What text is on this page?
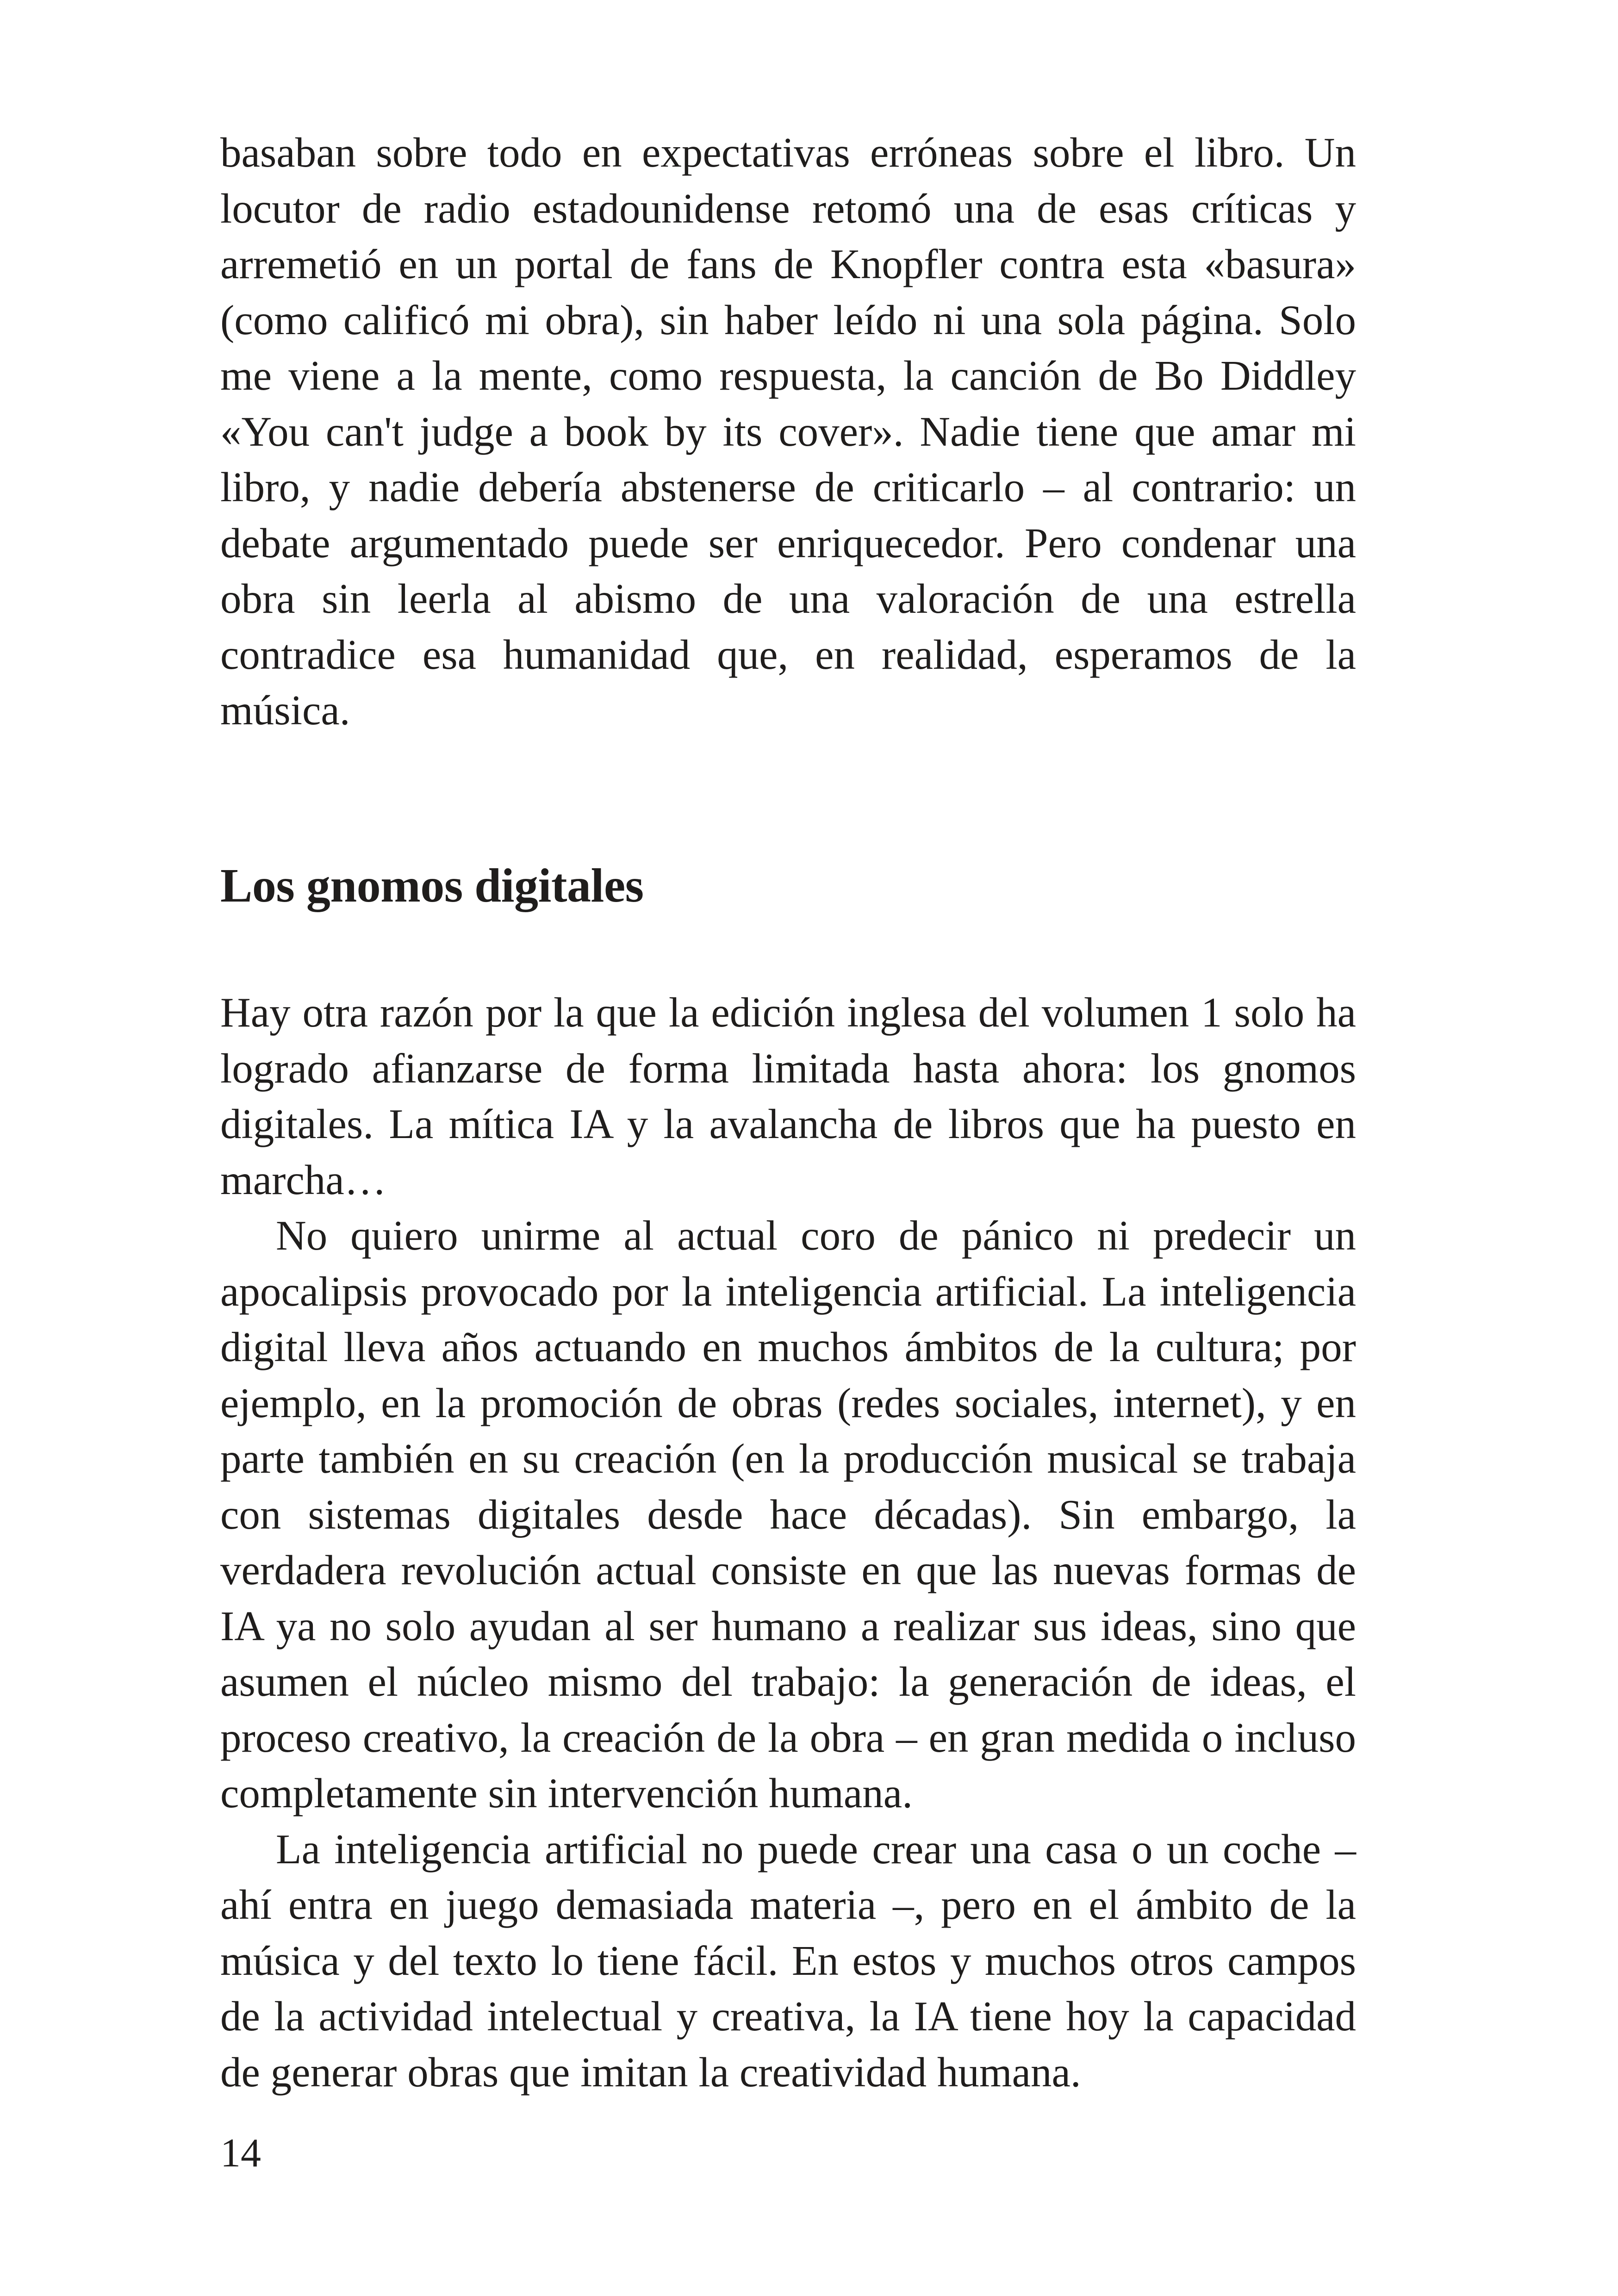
basaban sobre todo en expectativas erróneas sobre el libro. Un locutor de radio estadounidense retomó una de esas críticas y arremetió en un portal de fans de Knopfler contra esta «basura» (como calificó mi obra), sin haber leído ni una sola página. Solo me viene a la mente, como respuesta, la canción de Bo Diddley «You can't judge a book by its cover». Nadie tiene que amar mi libro, y nadie debería abstenerse de criticarlo – al contrario: un debate argumentado puede ser enriquecedor. Pero condenar una obra sin leerla al abismo de una valoración de una estrella contradice esa humanidad que, en realidad, esperamos de la música.

Los gnomos digitales

Hay otra razón por la que la edición inglesa del volumen 1 solo ha logrado afianzarse de forma limitada hasta ahora: los gnomos digitales. La mítica IA y la avalancha de libros que ha puesto en marcha…

No quiero unirme al actual coro de pánico ni predecir un apocalipsis provocado por la inteligencia artificial. La inteligencia digital lleva años actuando en muchos ámbitos de la cultura; por ejemplo, en la promoción de obras (redes sociales, internet), y en parte también en su creación (en la producción musical se trabaja con sistemas digitales desde hace décadas). Sin embargo, la verdadera revolución actual consiste en que las nuevas formas de IA ya no solo ayudan al ser humano a realizar sus ideas, sino que asumen el núcleo mismo del trabajo: la generación de ideas, el proceso creativo, la creación de la obra – en gran medida o incluso completamente sin intervención humana.

La inteligencia artificial no puede crear una casa o un coche – ahí entra en juego demasiada materia –, pero en el ámbito de la música y del texto lo tiene fácil. En estos y muchos otros campos de la actividad intelectual y creativa, la IA tiene hoy la capacidad de generar obras que imitan la creatividad humana.

14
